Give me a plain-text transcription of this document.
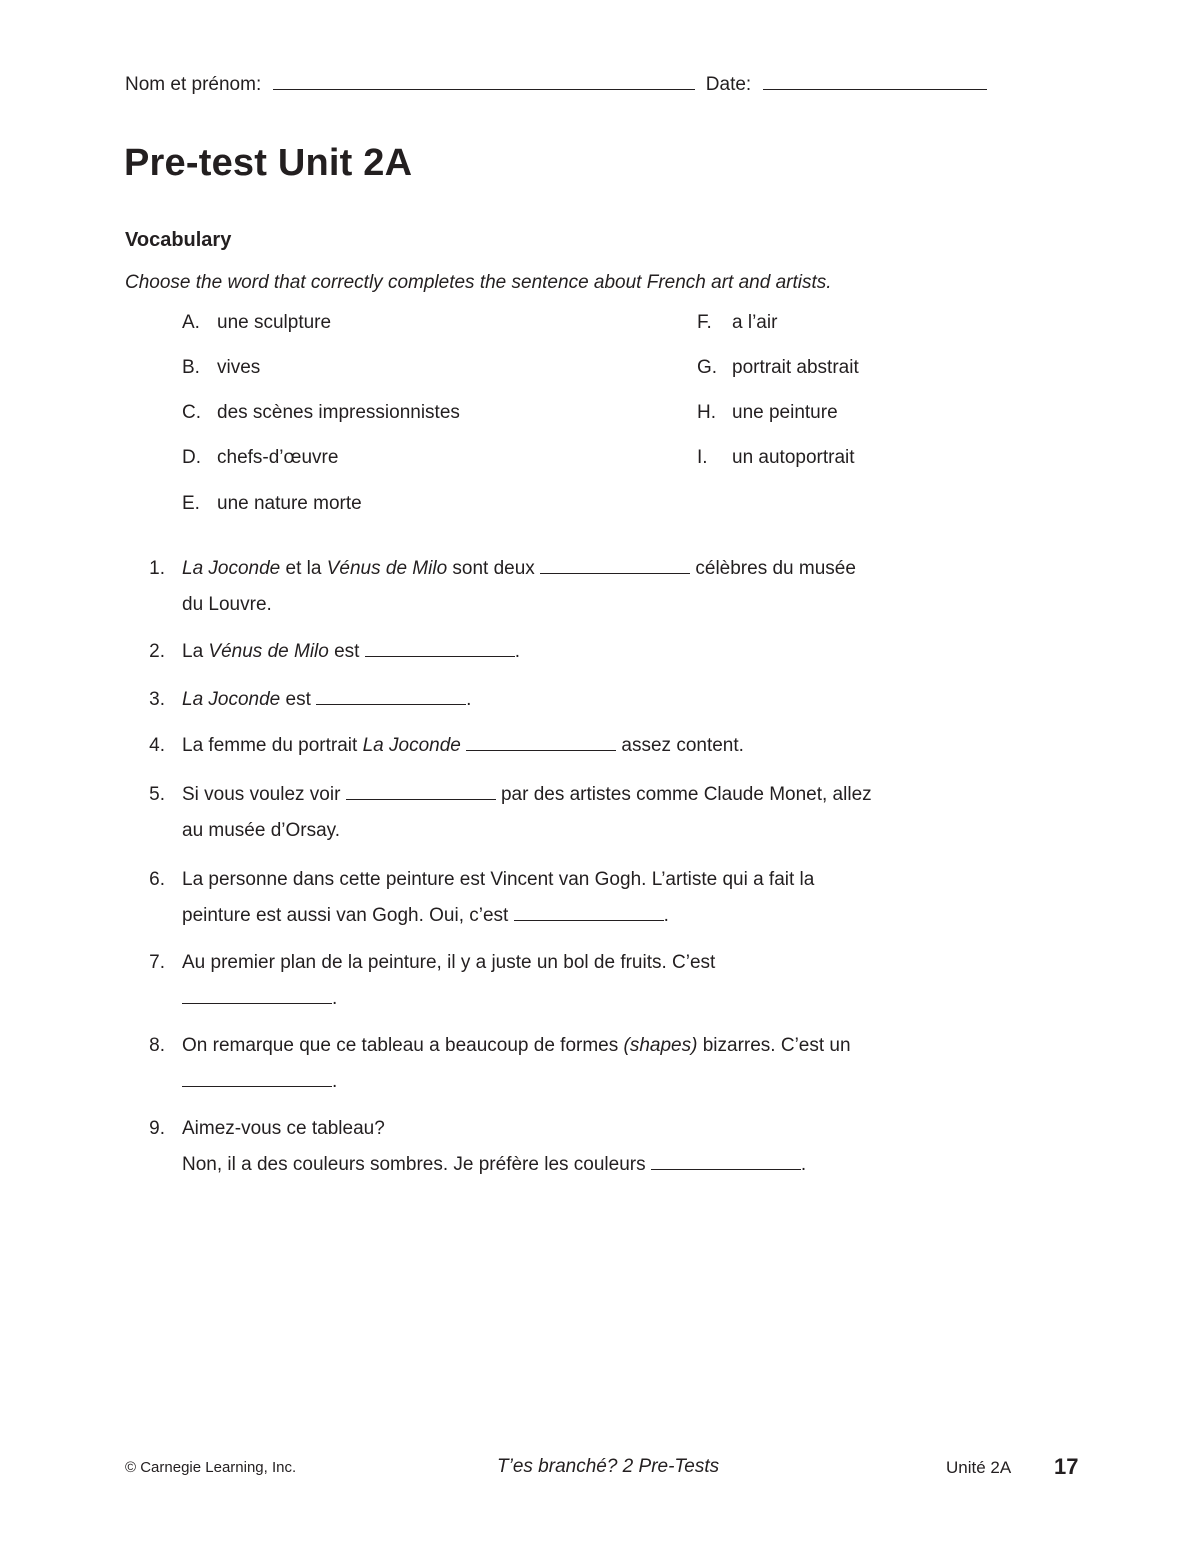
Nom et prénom:	Date:
Pre-test Unit 2A
Vocabulary

Choose the word that correctly completes the sentence about French art and artists.

A. une sculpture
B. vives
C. des scènes impressionnistes
D. chefs-d’œuvre
E. une nature morte
F. a l’air
G. portrait abstrait
H. une peinture
I. un autoportrait
1. La Joconde et la Vénus de Milo sont deux	célèbres du musée
du Louvre.
2. La Vénus de Milo est	.
3. La Joconde est	.
4. La femme du portrait La Joconde	assez content.
5. Si vous voulez voir	par des artistes comme Claude Monet, allez
au musée d’Orsay.
6. La personne dans cette peinture est Vincent van Gogh. L’artiste qui a fait la
peinture est aussi van Gogh. Oui, c’est	.
7. Au premier plan de la peinture, il y a juste un bol de fruits. C’est
.
8. On remarque que ce tableau a beaucoup de formes (shapes) bizarres. C’est un
.
9. Aimez-vous ce tableau?
Non, il a des couleurs sombres. Je préfère les couleurs	.
© Carnegie Learning, Inc.	T’es branché? 2 Pre-Tests	Unité 2A 17
